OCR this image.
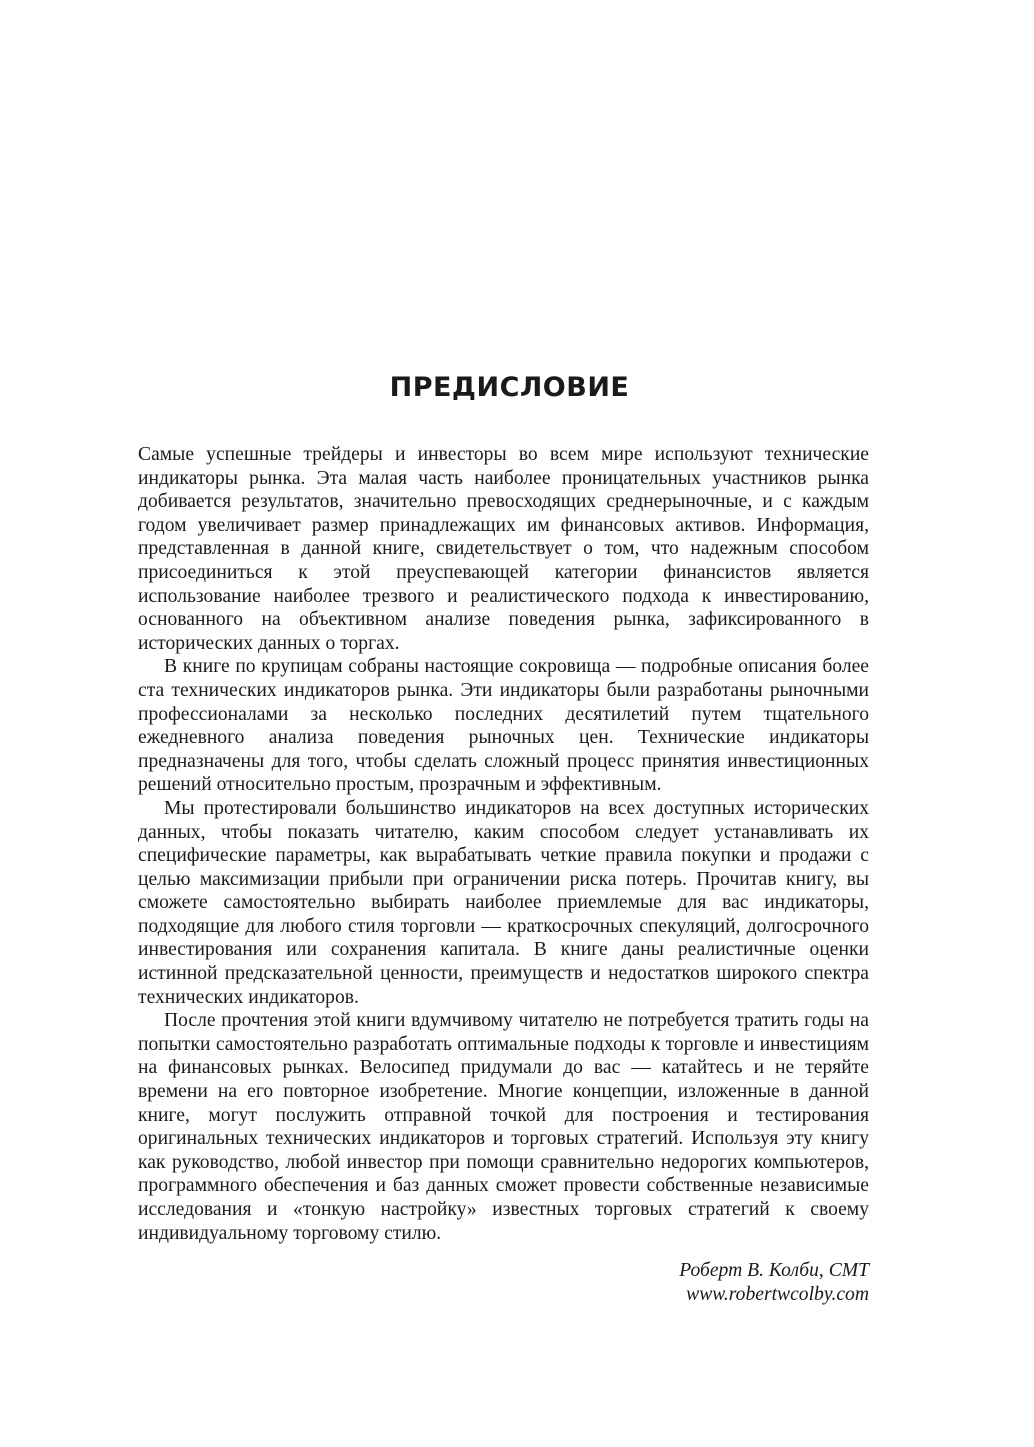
ПРЕДИСЛОВИЕ

Самые успешные трейдеры и инвесторы во всем мире используют технические индикаторы рынка. Эта малая часть наиболее проницательных участников рынка добивается результатов, значительно превосходящих среднерыночные, и с каждым годом увеличивает размер принадлежащих им финансовых активов. Информация, представленная в данной книге, свидетельствует о том, что надежным способом присоединиться к этой преуспевающей категории финансистов является использование наиболее трезвого и реалистического подхода к инвестированию, основанного на объективном анализе поведения рынка, зафиксированного в исторических данных о торгах.

В книге по крупицам собраны настоящие сокровища — подробные описания более ста технических индикаторов рынка. Эти индикаторы были разработаны рыночными профессионалами за несколько последних десятилетий путем тщательного ежедневного анализа поведения рыночных цен. Технические индикаторы предназначены для того, чтобы сделать сложный процесс принятия инвестиционных решений относительно простым, прозрачным и эффективным.

Мы протестировали большинство индикаторов на всех доступных исторических данных, чтобы показать читателю, каким способом следует устанавливать их специфические параметры, как вырабатывать четкие правила покупки и продажи с целью максимизации прибыли при ограничении риска потерь. Прочитав книгу, вы сможете самостоятельно выбирать наиболее приемлемые для вас индикаторы, подходящие для любого стиля торговли — краткосрочных спекуляций, долгосрочного инвестирования или сохранения капитала. В книге даны реалистичные оценки истинной предсказательной ценности, преимуществ и недостатков широкого спектра технических индикаторов.

После прочтения этой книги вдумчивому читателю не потребуется тратить годы на попытки самостоятельно разработать оптимальные подходы к торговле и инвестициям на финансовых рынках. Велосипед придумали до вас — катайтесь и не теряйте времени на его повторное изобретение. Многие концепции, изложенные в данной книге, могут послужить отправной точкой для построения и тестирования оригинальных технических индикаторов и торговых стратегий. Используя эту книгу как руководство, любой инвестор при помощи сравнительно недорогих компьютеров, программного обеспечения и баз данных сможет провести собственные независимые исследования и «тонкую настройку» известных торговых стратегий к своему индивидуальному торговому стилю.

Роберт В. Колби, CMT
www.robertwcolby.com
